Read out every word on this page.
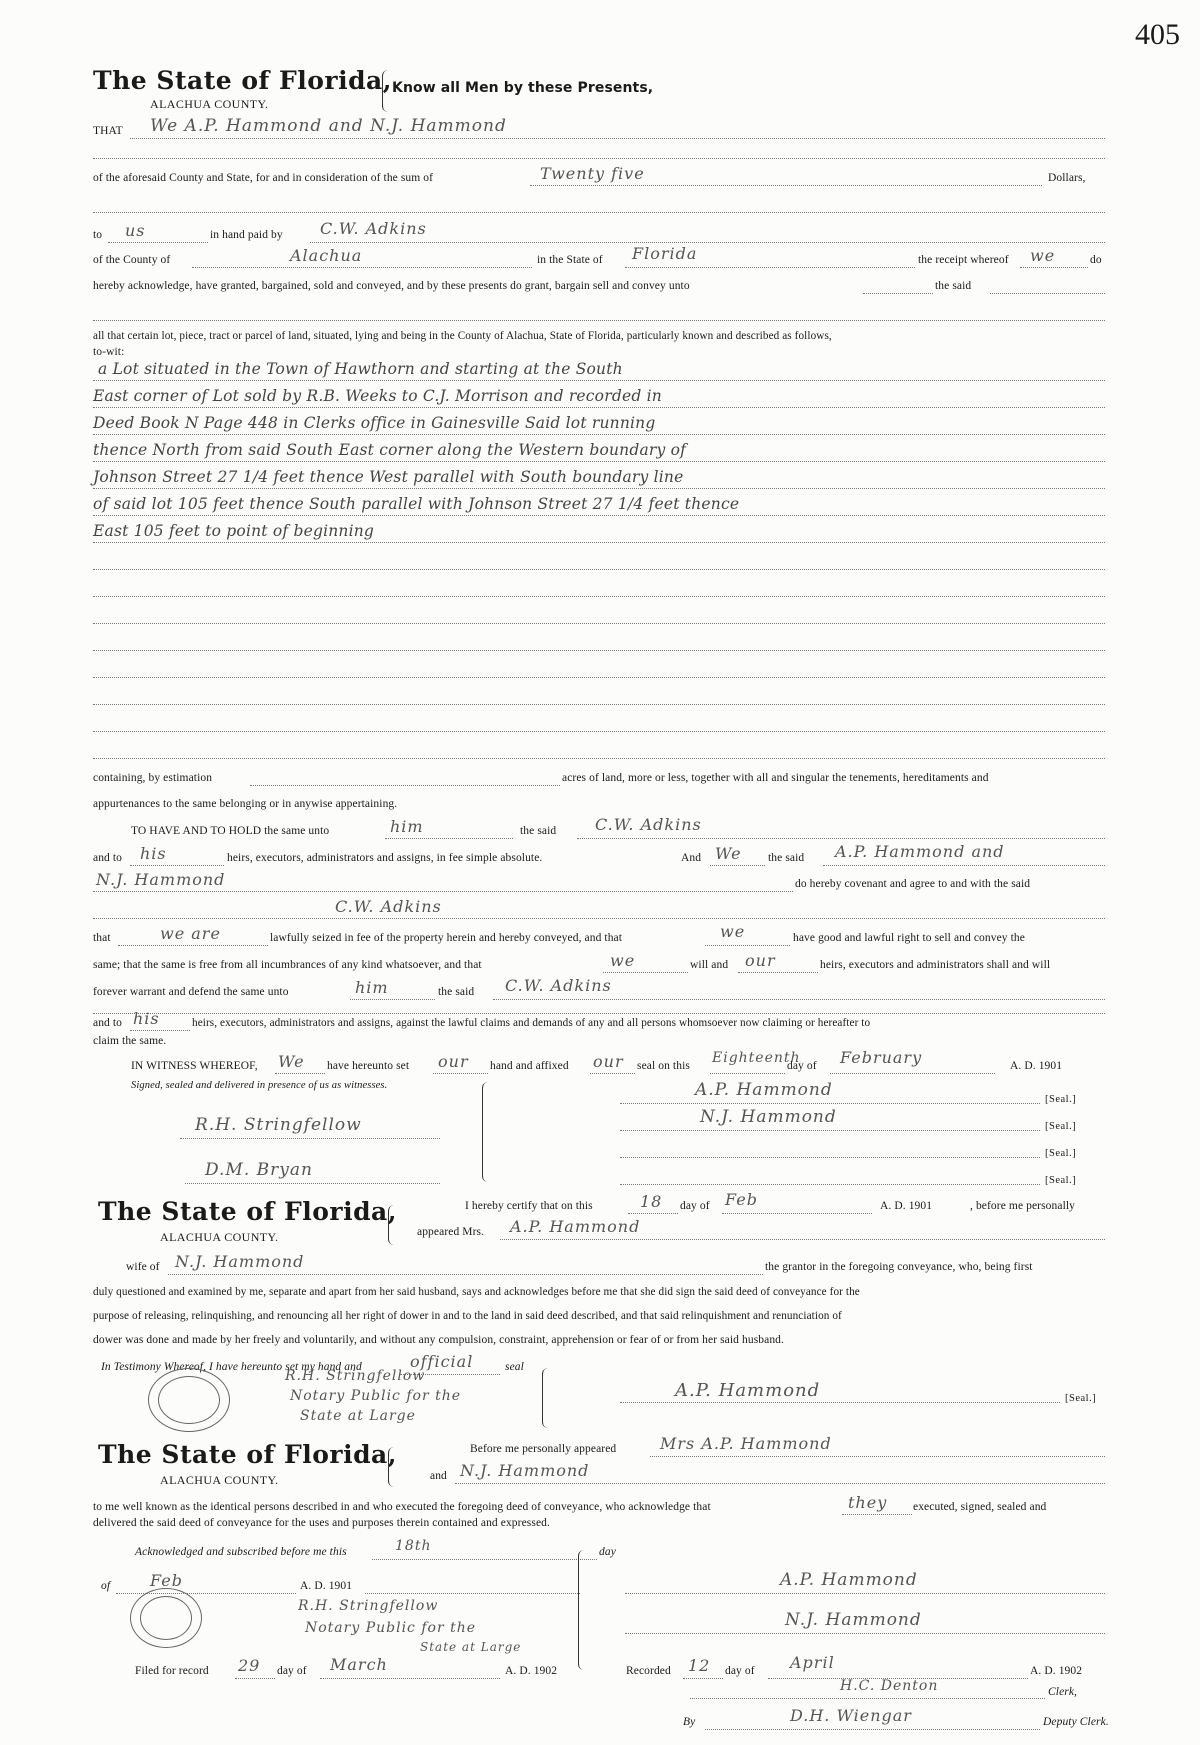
405
The State of Florida,
ALACHUA COUNTY.
Know all Men by these Presents,
THAT We A.P. Hammond and N.J. Hammond
of the aforesaid County and State, for and in consideration of the sum of	Twenty five	Dollars,
to us	in hand paid by C.W. Adkins
of the County of	Alachua	in the State of Florida	the receipt whereof we	do
hereby acknowledge, have granted, bargained, sold and conveyed, and by these presents do grant, bargain sell and convey unto	the said
all that certain lot, piece, tract or parcel of land, situated, lying and being in the County of Alachua, State of Florida, particularly known and described as follows,
to-wit:
a Lot situated in the Town of Hawthorn and starting at the South
East corner of Lot sold by R.B. Weeks to C.J. Morrison and recorded in
Deed Book N Page 448 in Clerks office in Gainesville Said lot running
thence North from said South East corner along the Western boundary of
Johnson Street 27 1/4 feet thence West parallel with South boundary line
of said lot 105 feet thence South parallel with Johnson Street 27 1/4 feet thence
East 105 feet to point of beginning
containing, by estimation	acres of land, more or less, together with all and singular the tenements, hereditaments and
appurtenances to the same belonging or in anywise appertaining.
TO HAVE AND TO HOLD the same unto	him	the said C.W. Adkins
and to his	heirs, executors, administrators and assigns, in fee simple absolute.	And We the said A.P. Hammond and
N.J. Hammond	do hereby covenant and agree to and with the said
C.W. Adkins
that	we are	lawfully seized in fee of the property herein and hereby conveyed, and that	we	have good and lawful right to sell and convey the
same; that the same is free from all incumbrances of any kind whatsoever, and that	we	will and our	heirs, executors and administrators shall and will
forever warrant and defend the same unto	him	the said C.W. Adkins
and to his	heirs, executors, administrators and assigns, against the lawful claims and demands of any and all persons whomsoever now claiming or hereafter to
claim the same.
IN WITNESS WHEREOF, We have hereunto set our hand and affixed our seal on this Eighteenth
day of February	A. D. 1901
Signed, sealed and delivered in presence of us as witnesses.
R.H. Stringfellow
D.M. Bryan
A.P. Hammond	[Seal.]
N.J. Hammond	[Seal.]
[Seal.]
[Seal.]
The State of Florida,
ALACHUA COUNTY.
I hereby certify that on this	18 day of Feb	A. D. 1901	, before me personally
appeared Mrs. A.P. Hammond
wife of N.J. Hammond	the grantor in the foregoing conveyance, who, being first
duly questioned and examined by me, separate and apart from her said husband, says and acknowledges before me that she did sign the said deed of conveyance for the
purpose of releasing, relinquishing, and renouncing all her right of dower in and to the land in said deed described, and that said relinquishment and renunciation of
dower was done and made by her freely and voluntarily, and without any compulsion, constraint, apprehension or fear of or from her said husband.
In Testimony Whereof, I have hereunto set my hand and	official	seal
R.H. Stringfellow
Notary Public for the
State at Large
A.P. Hammond	[Seal.]
The State of Florida,
ALACHUA COUNTY.
Before me personally appeared	Mrs A.P. Hammond
and N.J. Hammond
to me well known as the identical persons described in and who executed the foregoing deed of conveyance, who acknowledge that	they executed, signed, sealed and
delivered the said deed of conveyance for the uses and purposes therein contained and expressed.
Acknowledged and subscribed before me this	18th	day
of Feb	A. D. 1901
R.H. Stringfellow
Notary Public for the
State at Large
A.P. Hammond
N.J. Hammond
Filed for record 29 day of March	A. D. 1902	Recorded 12 day of April	A. D. 1902
H.C. Denton	Clerk,
By	D.H. Wiengar	Deputy Clerk.
